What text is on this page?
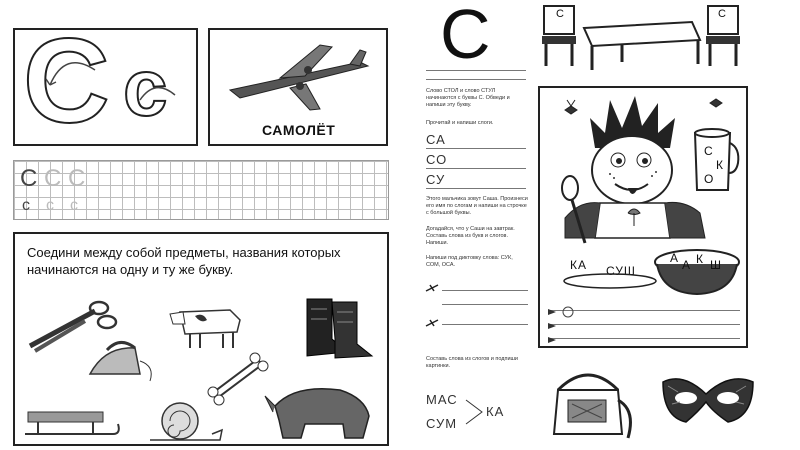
C c	САМОЛЁТ
C C C
c c c
Соедини между собой предметы, названия которых начинаются на одну и ту же букву.
С	С	С
Слово СТОЛ и слово СТУЛ начинаются с буквы С. Обведи и напиши эту букву.
Прочитай и напиши слоги.
СА
СО
СУ
Этого мальчика зовут Саша. Произнеси его имя по слогам и напиши на строчке с большой буквы.
Догадайся, что у Саши на завтрак. Составь слова из букв и слогов. Напиши.
Напиши под диктовку слова: СУК, СОМ, ОСА.
Составь слова из слогов и подпиши картинки.
МАС
СУМ
КА
С
К
О
КА СУШ
А А К Ш
